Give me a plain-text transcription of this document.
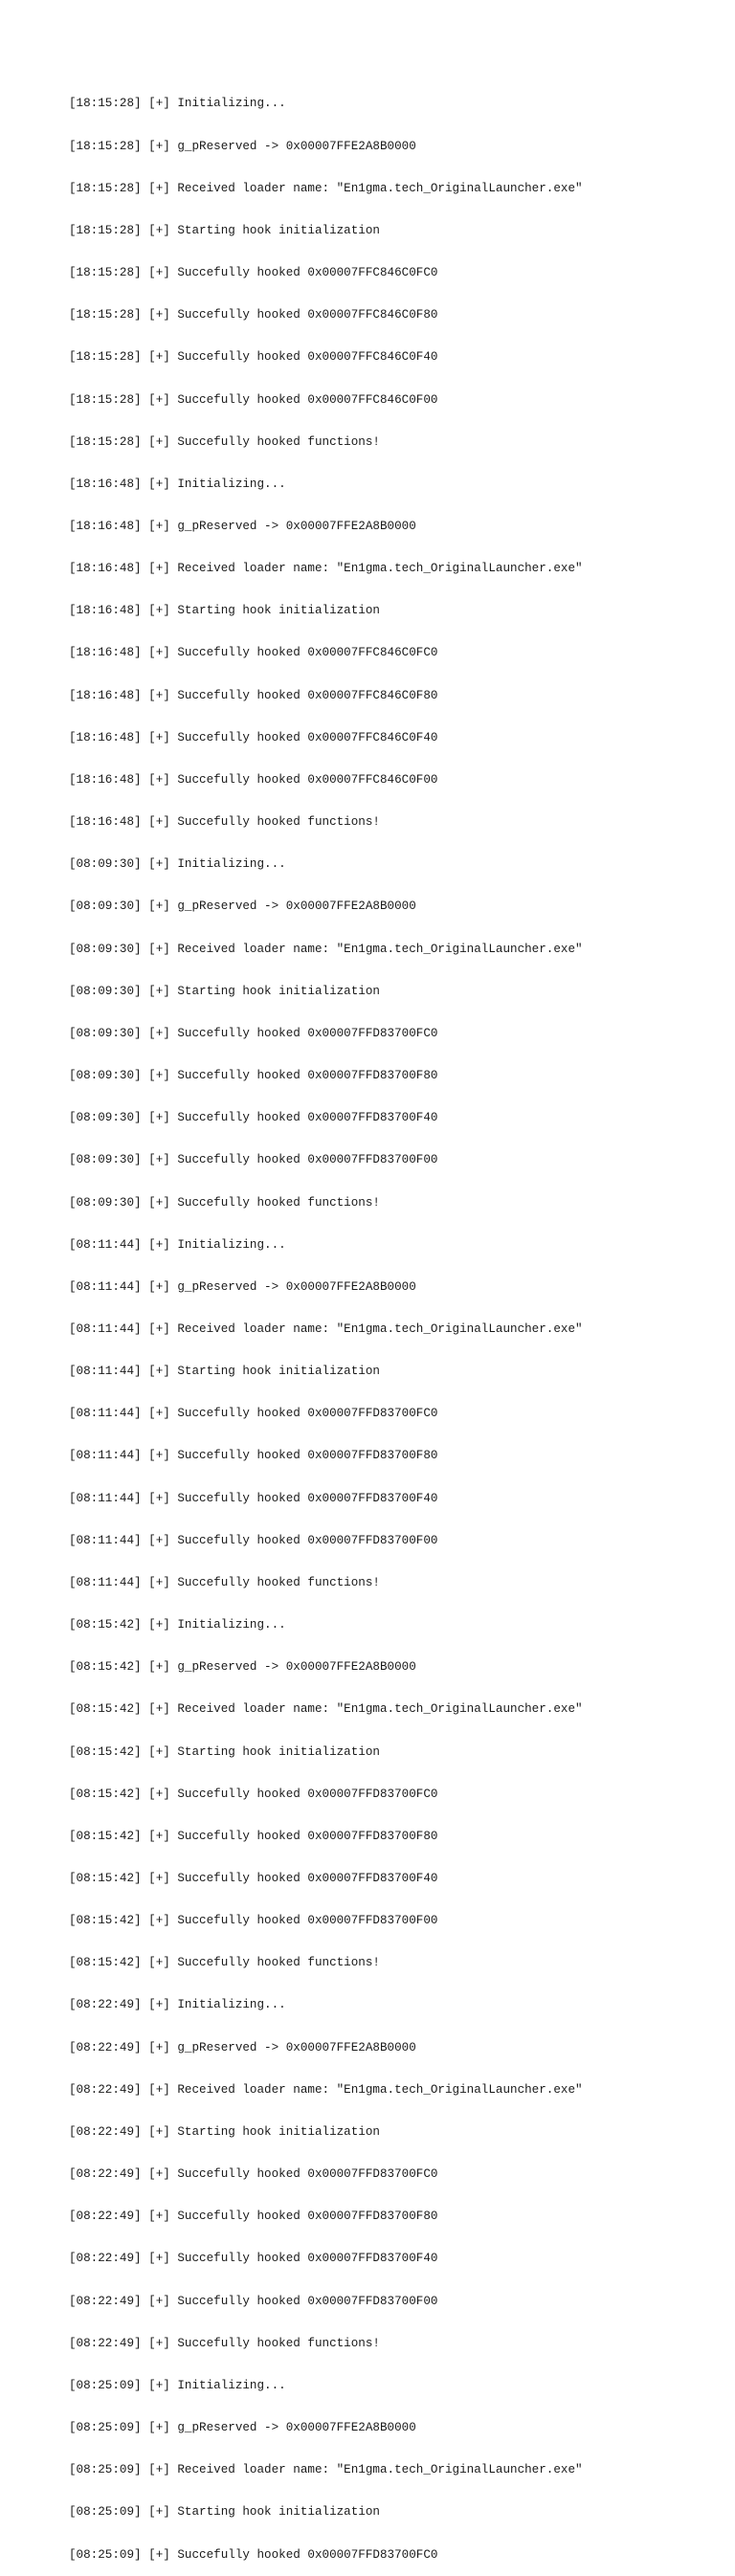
[18:15:28] [+] Initializing...

[18:15:28] [+] g_pReserved -> 0x00007FFE2A8B0000

[18:15:28] [+] Received loader name: "En1gma.tech_OriginalLauncher.exe"

[18:15:28] [+] Starting hook initialization

[18:15:28] [+] Succefully hooked 0x00007FFC846C0FC0

[18:15:28] [+] Succefully hooked 0x00007FFC846C0F80

[18:15:28] [+] Succefully hooked 0x00007FFC846C0F40

[18:15:28] [+] Succefully hooked 0x00007FFC846C0F00

[18:15:28] [+] Succefully hooked functions!

[18:16:48] [+] Initializing...

[18:16:48] [+] g_pReserved -> 0x00007FFE2A8B0000

[18:16:48] [+] Received loader name: "En1gma.tech_OriginalLauncher.exe"

[18:16:48] [+] Starting hook initialization

[18:16:48] [+] Succefully hooked 0x00007FFC846C0FC0

[18:16:48] [+] Succefully hooked 0x00007FFC846C0F80

[18:16:48] [+] Succefully hooked 0x00007FFC846C0F40

[18:16:48] [+] Succefully hooked 0x00007FFC846C0F00

[18:16:48] [+] Succefully hooked functions!

[08:09:30] [+] Initializing...

[08:09:30] [+] g_pReserved -> 0x00007FFE2A8B0000

[08:09:30] [+] Received loader name: "En1gma.tech_OriginalLauncher.exe"

[08:09:30] [+] Starting hook initialization

[08:09:30] [+] Succefully hooked 0x00007FFD83700FC0

[08:09:30] [+] Succefully hooked 0x00007FFD83700F80

[08:09:30] [+] Succefully hooked 0x00007FFD83700F40

[08:09:30] [+] Succefully hooked 0x00007FFD83700F00

[08:09:30] [+] Succefully hooked functions!

[08:11:44] [+] Initializing...

[08:11:44] [+] g_pReserved -> 0x00007FFE2A8B0000

[08:11:44] [+] Received loader name: "En1gma.tech_OriginalLauncher.exe"

[08:11:44] [+] Starting hook initialization

[08:11:44] [+] Succefully hooked 0x00007FFD83700FC0

[08:11:44] [+] Succefully hooked 0x00007FFD83700F80

[08:11:44] [+] Succefully hooked 0x00007FFD83700F40

[08:11:44] [+] Succefully hooked 0x00007FFD83700F00

[08:11:44] [+] Succefully hooked functions!

[08:15:42] [+] Initializing...

[08:15:42] [+] g_pReserved -> 0x00007FFE2A8B0000

[08:15:42] [+] Received loader name: "En1gma.tech_OriginalLauncher.exe"

[08:15:42] [+] Starting hook initialization

[08:15:42] [+] Succefully hooked 0x00007FFD83700FC0

[08:15:42] [+] Succefully hooked 0x00007FFD83700F80

[08:15:42] [+] Succefully hooked 0x00007FFD83700F40

[08:15:42] [+] Succefully hooked 0x00007FFD83700F00

[08:15:42] [+] Succefully hooked functions!

[08:22:49] [+] Initializing...

[08:22:49] [+] g_pReserved -> 0x00007FFE2A8B0000

[08:22:49] [+] Received loader name: "En1gma.tech_OriginalLauncher.exe"

[08:22:49] [+] Starting hook initialization

[08:22:49] [+] Succefully hooked 0x00007FFD83700FC0

[08:22:49] [+] Succefully hooked 0x00007FFD83700F80

[08:22:49] [+] Succefully hooked 0x00007FFD83700F40

[08:22:49] [+] Succefully hooked 0x00007FFD83700F00

[08:22:49] [+] Succefully hooked functions!

[08:25:09] [+] Initializing...

[08:25:09] [+] g_pReserved -> 0x00007FFE2A8B0000

[08:25:09] [+] Received loader name: "En1gma.tech_OriginalLauncher.exe"

[08:25:09] [+] Starting hook initialization

[08:25:09] [+] Succefully hooked 0x00007FFD83700FC0
